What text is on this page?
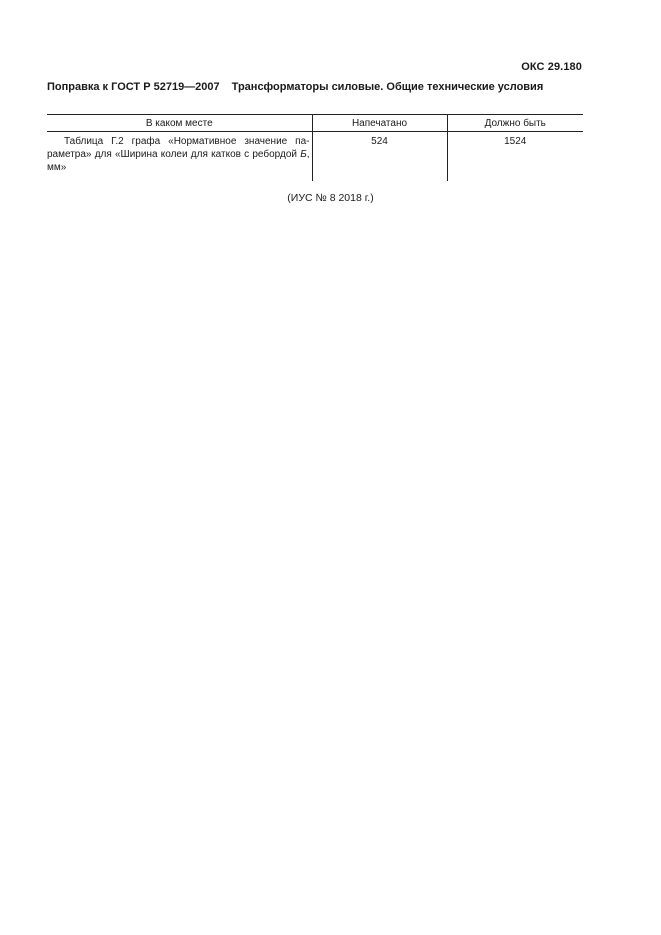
ОКС 29.180
Поправка к ГОСТ Р 52719—2007 Трансформаторы силовые. Общие технические условия
В каком месте	Напечатано	Должно быть
Таблица Г.2 графа «Нормативное значение параметра» для «Ширина колеи для катков с ребордой Б, мм»	524	1524
(ИУС № 8 2018 г.)
